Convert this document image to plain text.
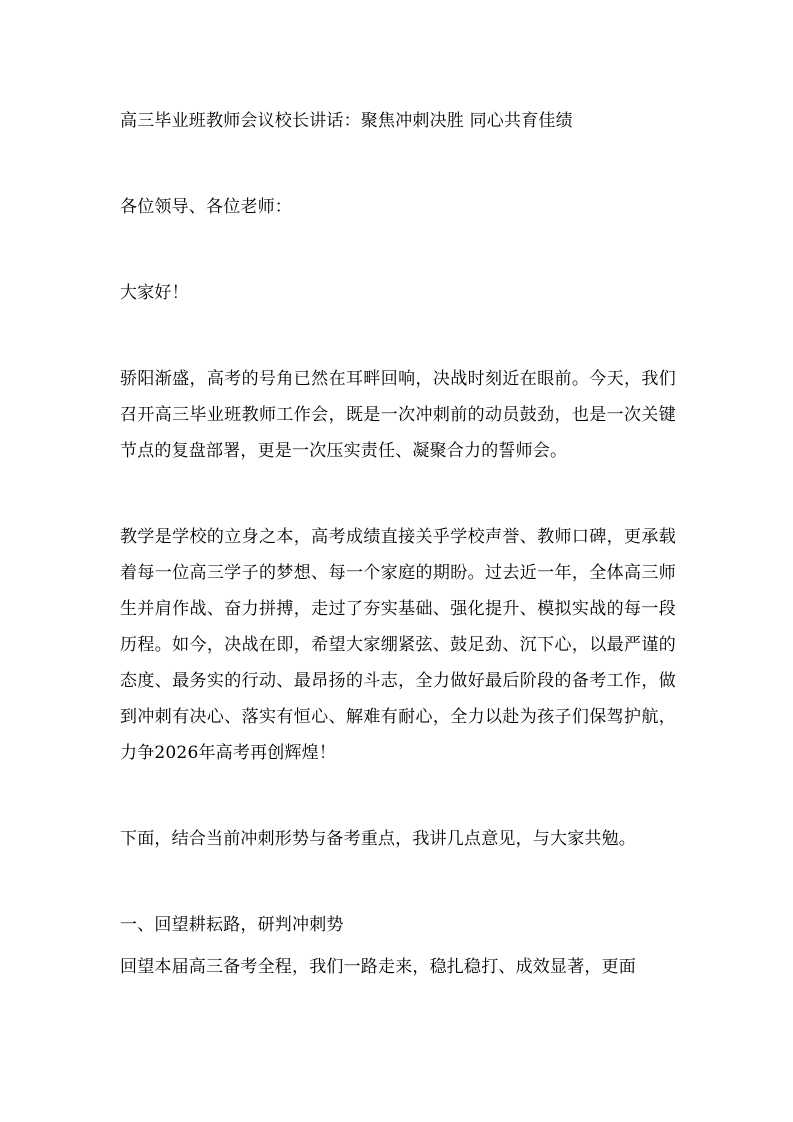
高三毕业班教师会议校长讲话：聚焦冲刺决胜 同心共育佳绩

各位领导、各位老师：

大家好！

骄阳渐盛，高考的号角已然在耳畔回响，决战时刻近在眼前。今天，我们召开高三毕业班教师工作会，既是一次冲刺前的动员鼓劲，也是一次关键节点的复盘部署，更是一次压实责任、凝聚合力的誓师会。

教学是学校的立身之本，高考成绩直接关乎学校声誉、教师口碑，更承载着每一位高三学子的梦想、每一个家庭的期盼。过去近一年，全体高三师生并肩作战、奋力拼搏，走过了夯实基础、强化提升、模拟实战的每一段历程。如今，决战在即，希望大家绷紧弦、鼓足劲、沉下心，以最严谨的态度、最务实的行动、最昂扬的斗志，全力做好最后阶段的备考工作，做到冲刺有决心、落实有恒心、解难有耐心，全力以赴为孩子们保驾护航，力争2026年高考再创辉煌！

下面，结合当前冲刺形势与备考重点，我讲几点意见，与大家共勉。

一、回望耕耘路，研判冲刺势

回望本届高三备考全程，我们一路走来，稳扎稳打、成效显著，更面
